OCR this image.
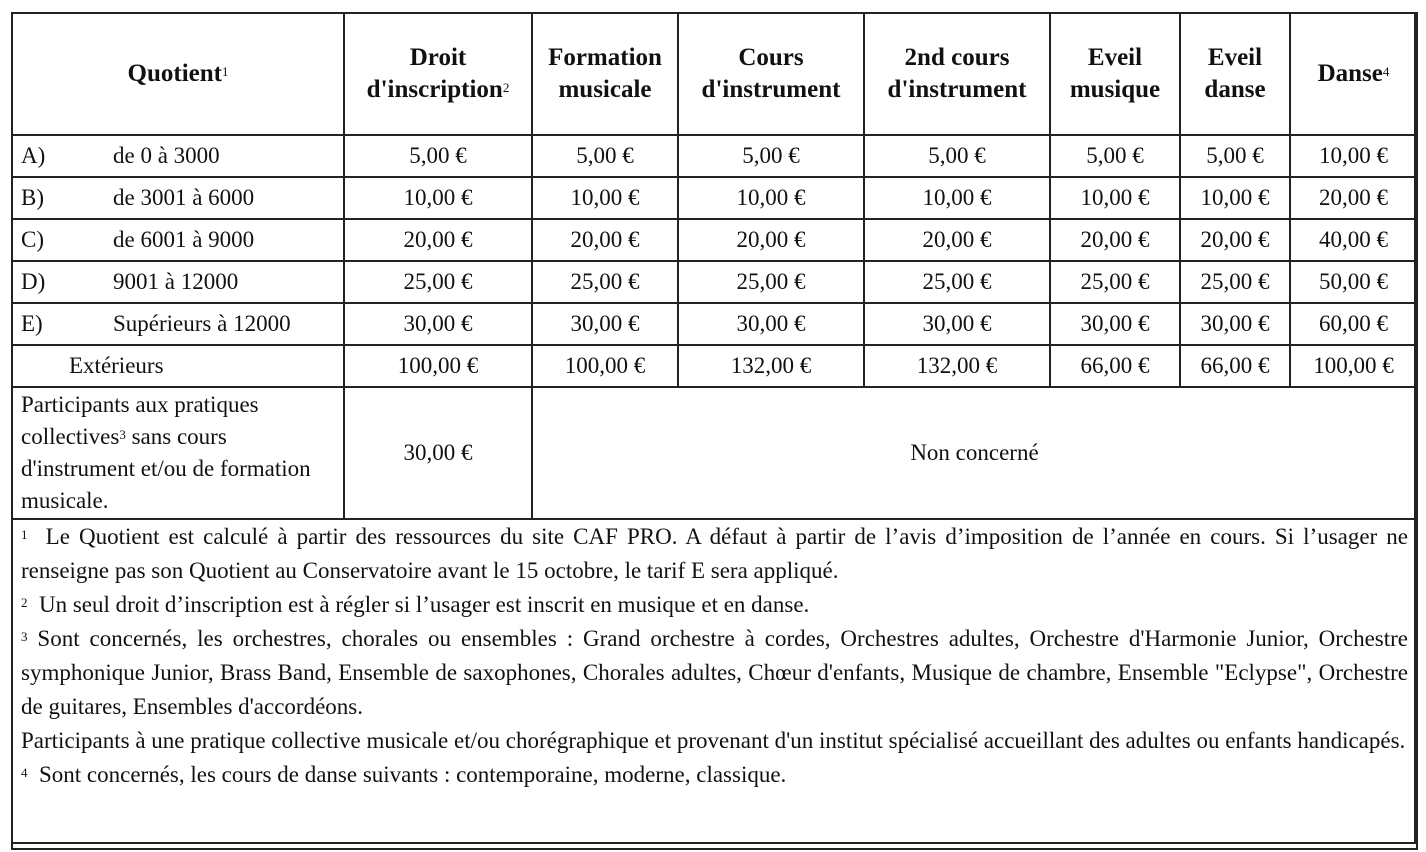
Quotient$^1$	Droit d'inscription$^2$	Formation musicale	Cours d'instrument	2nd cours d'instrument	Eveil musique	Eveil danse	Danse$^4$
A) de 0 à 3000	5,00 €	5,00 €	5,00 €	5,00 €	5,00 €	5,00 €	10,00 €
B) de 3001 à 6000	10,00 €	10,00 €	10,00 €	10,00 €	10,00 €	10,00 €	20,00 €
C) de 6001 à 9000	20,00 €	20,00 €	20,00 €	20,00 €	20,00 €	20,00 €	40,00 €
D) 9001 à 12000	25,00 €	25,00 €	25,00 €	25,00 €	25,00 €	25,00 €	50,00 €
E) Supérieurs à 12000	30,00 €	30,00 €	30,00 €	30,00 €	30,00 €	30,00 €	60,00 €
Extérieurs	100,00 €	100,00 €	132,00 €	132,00 €	66,00 €	66,00 €	100,00 €
Participants aux pratiques collectives$^3$ sans cours d'instrument et/ou de formation musicale.	30,00 €	Non concerné					

$^1$ Le Quotient est calculé à partir des ressources du site CAF PRO. A défaut à partir de l’avis d’imposition de l’année en cours. Si l’usager ne renseigne pas son Quotient au Conservatoire avant le 15 octobre, le tarif E sera appliqué.

$^2$ Un seul droit d’inscription est à régler si l’usager est inscrit en musique et en danse.

$^3$ Sont concernés, les orchestres, chorales ou ensembles : Grand orchestre à cordes, Orchestres adultes, Orchestre d'Harmonie Junior, Orchestre symphonique Junior, Brass Band, Ensemble de saxophones, Chorales adultes, Chœur d'enfants, Musique de chambre, Ensemble "Eclypse", Orchestre de guitares, Ensembles d'accordéons.

Participants à une pratique collective musicale et/ou chorégraphique et provenant d'un institut spécialisé accueillant des adultes ou enfants handicapés.

$^4$ Sont concernés, les cours de danse suivants : contemporaine, moderne, classique.							
